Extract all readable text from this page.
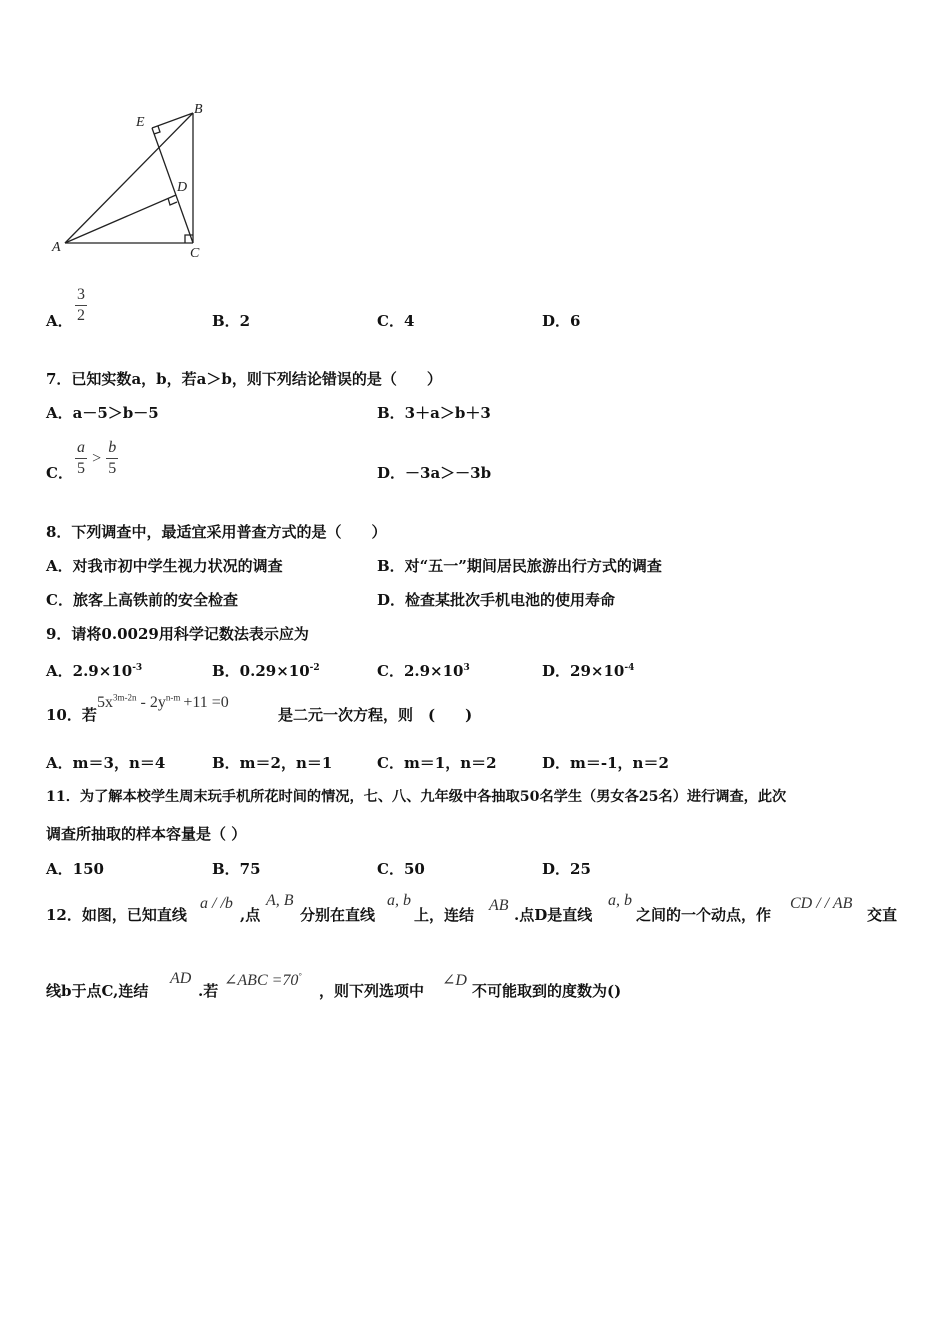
B
E
D
A	C
A． $\frac{3}{2}$	B．2	C．4	D．6
7．已知实数a，b，若a＞b，则下列结论错误的是（　　）
A．a－5＞b－5	B．3＋a＞b＋3
C． $\frac{a}{5} > \frac{b}{5}$	D．－3a＞－3b
8．下列调查中，最适宜采用普查方式的是（　　）
A．对我市初中学生视力状况的调查	B．对“五一”期间居民旅游出行方式的调查
C．旅客上高铁前的安全检查	D．检查某批次手机电池的使用寿命
9．请将0.0029用科学记数法表示应为
A．$2.9\times 10^{-3}$	B．$0.29\times 10^{-2}$	C．$2.9\times 10^3$	D．$29\times 10^{-4}$
10．若
$5x^{3m-2n} - 2y^{n-m} +11 =0$
是二元一次方程，则　(　　)
A．m＝3，n＝4	B．m＝2，n＝1	C．m＝1，n＝2	D．m＝-1，n＝2
11．为了解本校学生周末玩手机所花时间的情况，七、八、九年级中各抽取50名学生（男女各25名）进行调查，此次
调查所抽取的样本容量是（ ）
A．150	B．75	C．50	D．25
12．如图，已知直线
a / /b
,点
A, B
分别在直线
a, b
上，连结
AB
.点D是直线
a, b
之间的一个动点，作
CD / / AB
交直
线b于点C,连结
AD
.若
∠ABC =70°
，则下列选项中
∠D
不可能取到的度数为()
